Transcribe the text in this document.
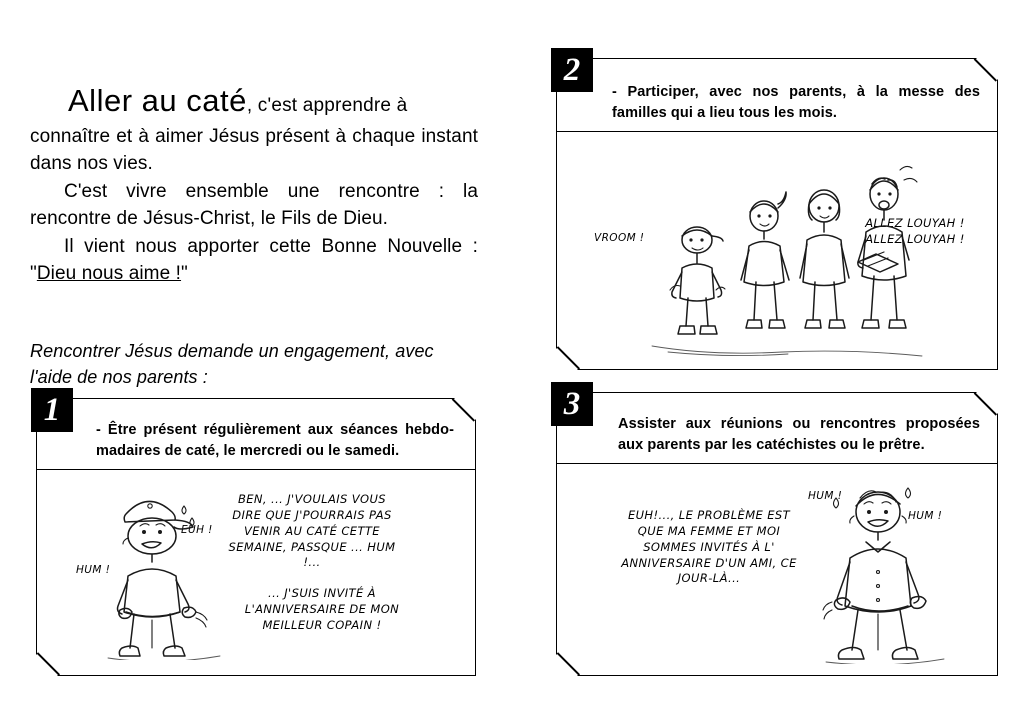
Aller au caté, c'est apprendre à

connaître et à aimer Jésus présent à chaque instant dans nos vies.

C'est vivre ensemble une rencontre : la rencontre de Jésus-Christ, le Fils de Dieu.

Il vient nous apporter cette Bonne Nouvelle : "Dieu nous aime !"

Rencontrer Jésus demande un engagement, avec l'aide de nos parents :
2
- Participer, avec nos parents, à la messe des familles qui a lieu tous les mois.
VROOM !
ALLEZ LOUYAH ! ALLEZ LOUYAH !
1
- Être présent régulièrement aux séances hebdo-madaires de caté, le mercredi ou le samedi.
HUM !
EUH !
BEN, ... J'VOULAIS VOUS DIRE QUE J'POURRAIS PAS VENIR AU CATÉ CETTE SEMAINE, PASSQUE ... HUM !...
... J'SUIS INVITÉ À L'ANNIVERSAIRE DE MON MEILLEUR COPAIN !
3
Assister aux réunions ou rencontres proposées aux parents par les catéchistes ou le prêtre.
EUH!..., LE PROBLÈME EST QUE MA FEMME ET MOI SOMMES INVITÉS À L' ANNIVERSAIRE D'UN AMI, CE JOUR-LÀ...
HUM !
HUM !
